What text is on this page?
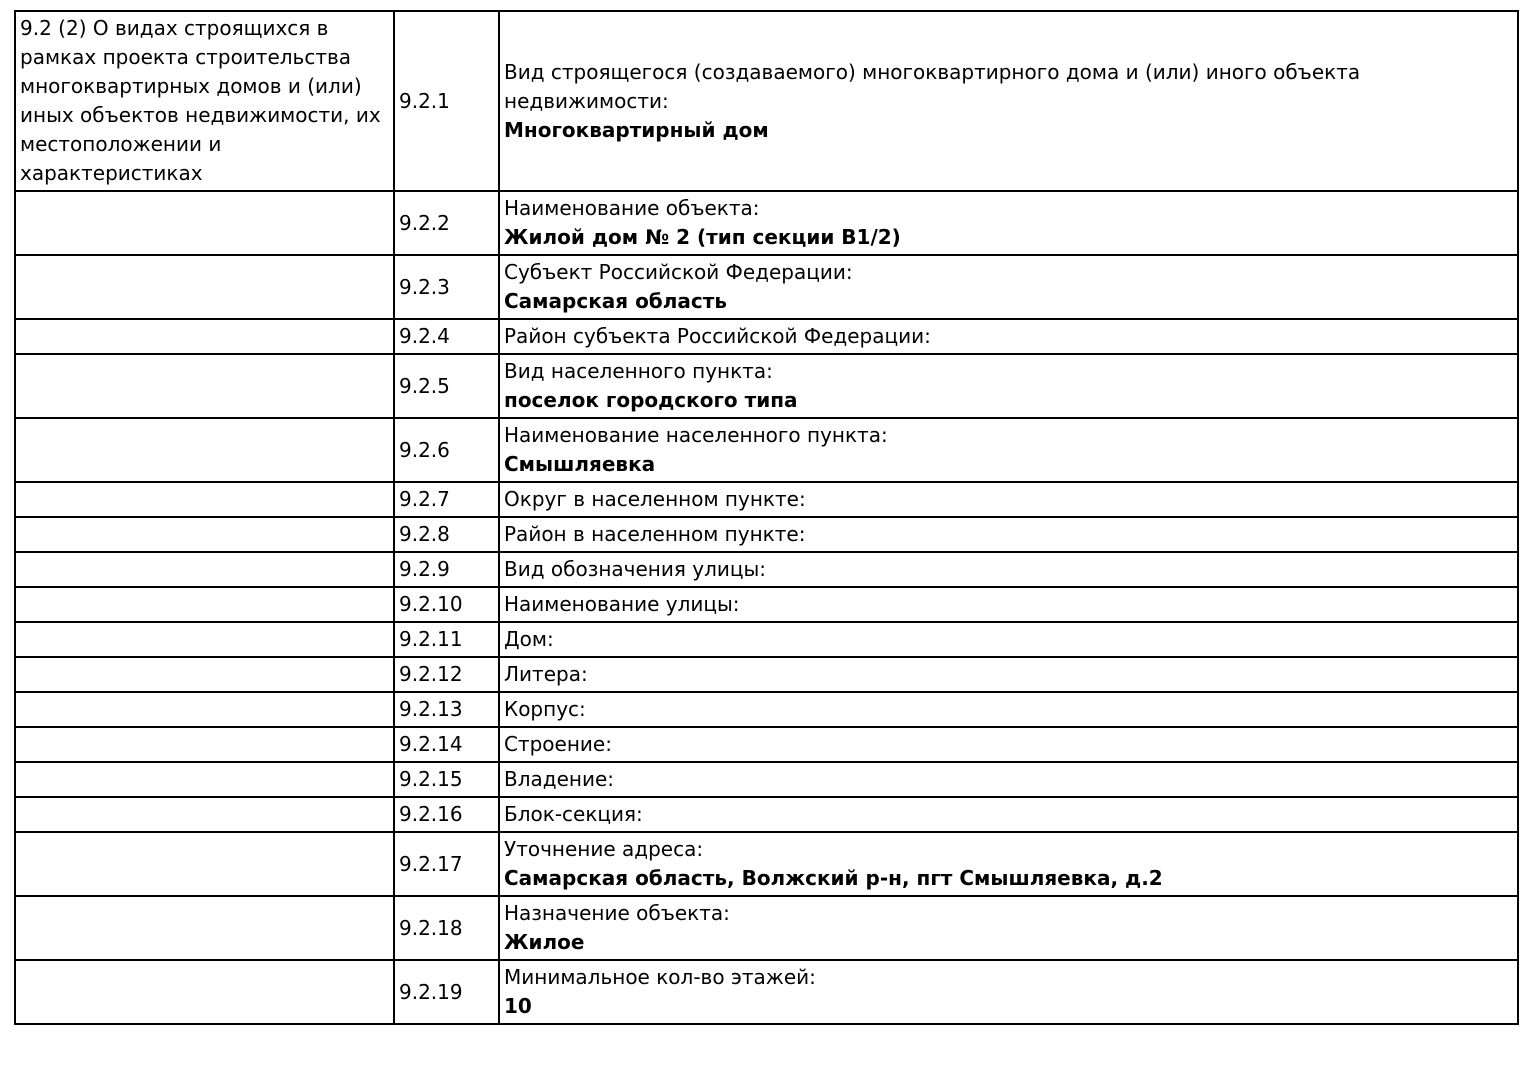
9.2 (2) О видах строящихся в рамках проекта строительства многоквартирных домов и (или) иных объектов недвижимости, их местоположении и характеристиках	9.2.1	Вид строящегося (создаваемого) многоквартирного дома и (или) иного объекта недвижимости:
Многоквартирный дом

	9.2.2	Наименование объекта:
Жилой дом № 2 (тип секции В1/2)

	9.2.3	Субъект Российской Федерации:
Самарская область

	9.2.4	Район субъекта Российской Федерации:

	9.2.5	Вид населенного пункта:
поселок городского типа

	9.2.6	Наименование населенного пункта:
Смышляевка

	9.2.7	Округ в населенном пункте:

	9.2.8	Район в населенном пункте:

	9.2.9	Вид обозначения улицы:

	9.2.10	Наименование улицы:

	9.2.11	Дом:

	9.2.12	Литера:

	9.2.13	Корпус:

	9.2.14	Строение:

	9.2.15	Владение:

	9.2.16	Блок-секция:

	9.2.17	Уточнение адреса:
Самарская область, Волжский р-н, пгт Смышляевка, д.2

	9.2.18	Назначение объекта:
Жилое

	9.2.19	Минимальное кол-во этажей:
10
